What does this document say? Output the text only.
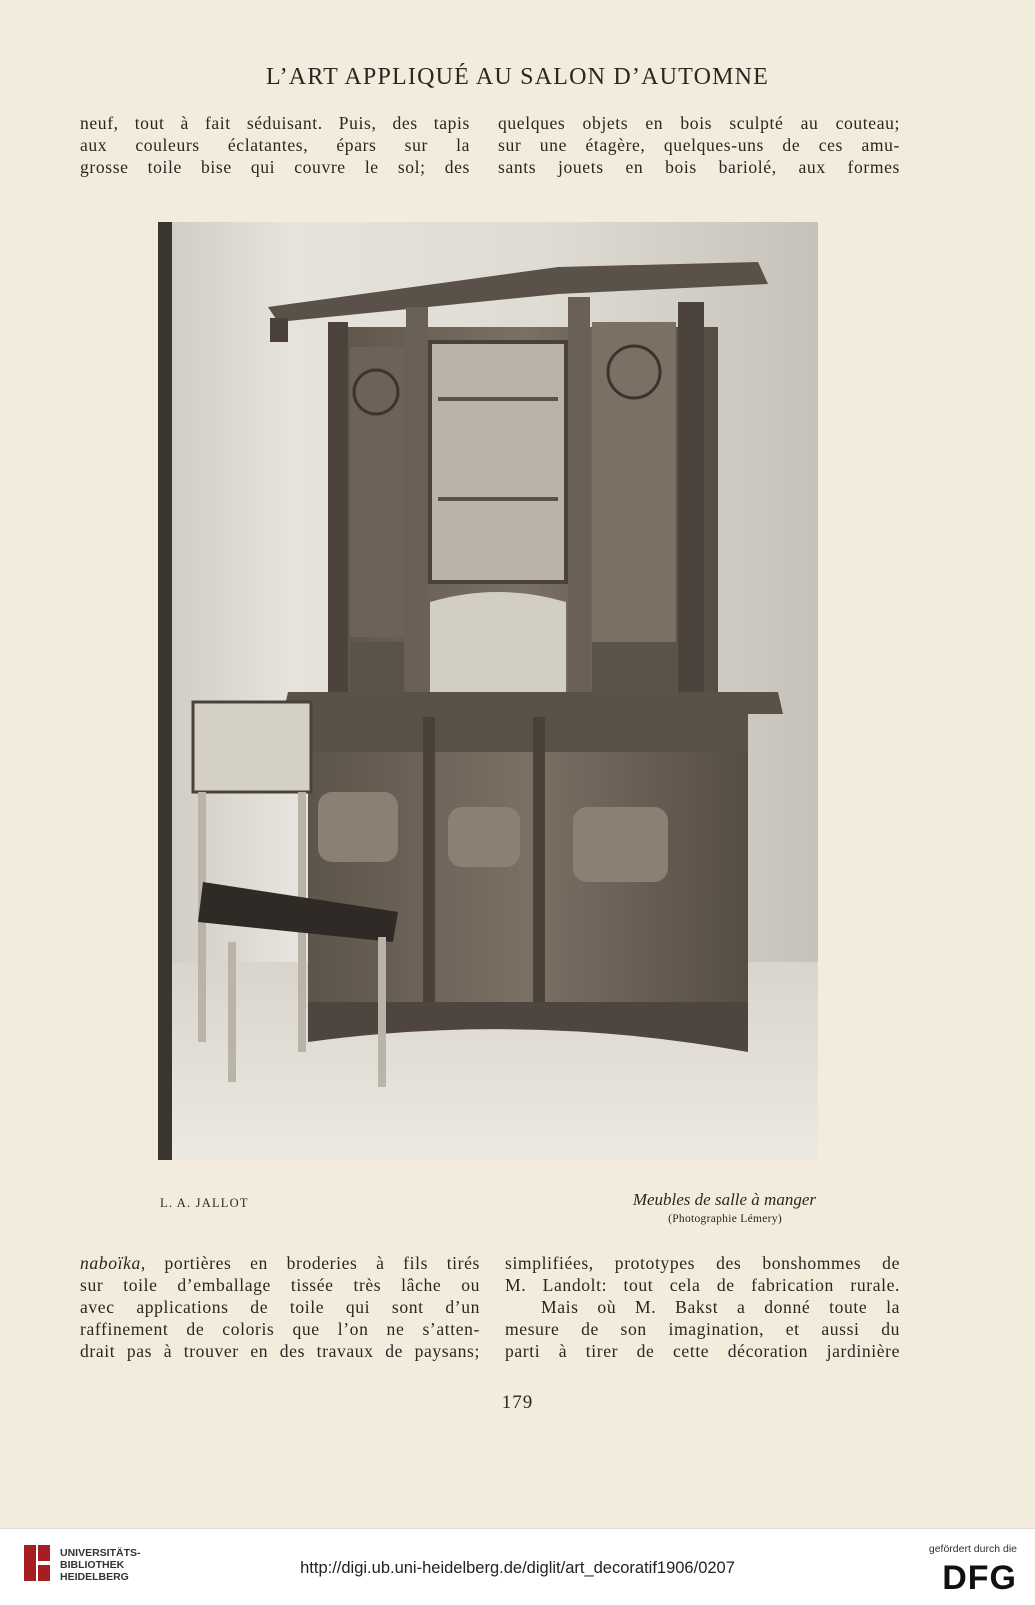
L’ART APPLIQUÉ AU SALON D’AUTOMNE
neuf, tout à fait séduisant. Puis, des tapis
aux couleurs éclatantes, épars sur la
grosse toile bise qui couvre le sol; des
quelques objets en bois sculpté au couteau;
sur une étagère, quelques-uns de ces amu-
sants jouets en bois bariolé, aux formes
L. A. JALLOT	Meubles de salle à manger
(Photographie Lémery)
naboïka, portières en broderies à fils tirés
sur toile d’emballage tissée très lâche ou
avec applications de toile qui sont d’un
raffinement de coloris que l’on ne s’atten-
drait pas à trouver en des travaux de paysans;
simplifiées, prototypes des bonshommes de
M. Landolt: tout cela de fabrication rurale.
Mais où M. Bakst a donné toute la
mesure de son imagination, et aussi du
parti à tirer de cette décoration jardinière
179
UNIVERSITÄTS-
BIBLIOTHEK
HEIDELBERG	http://digi.ub.uni-heidelberg.de/diglit/art_decoratif1906/0207
gefördert durch die
DFG
